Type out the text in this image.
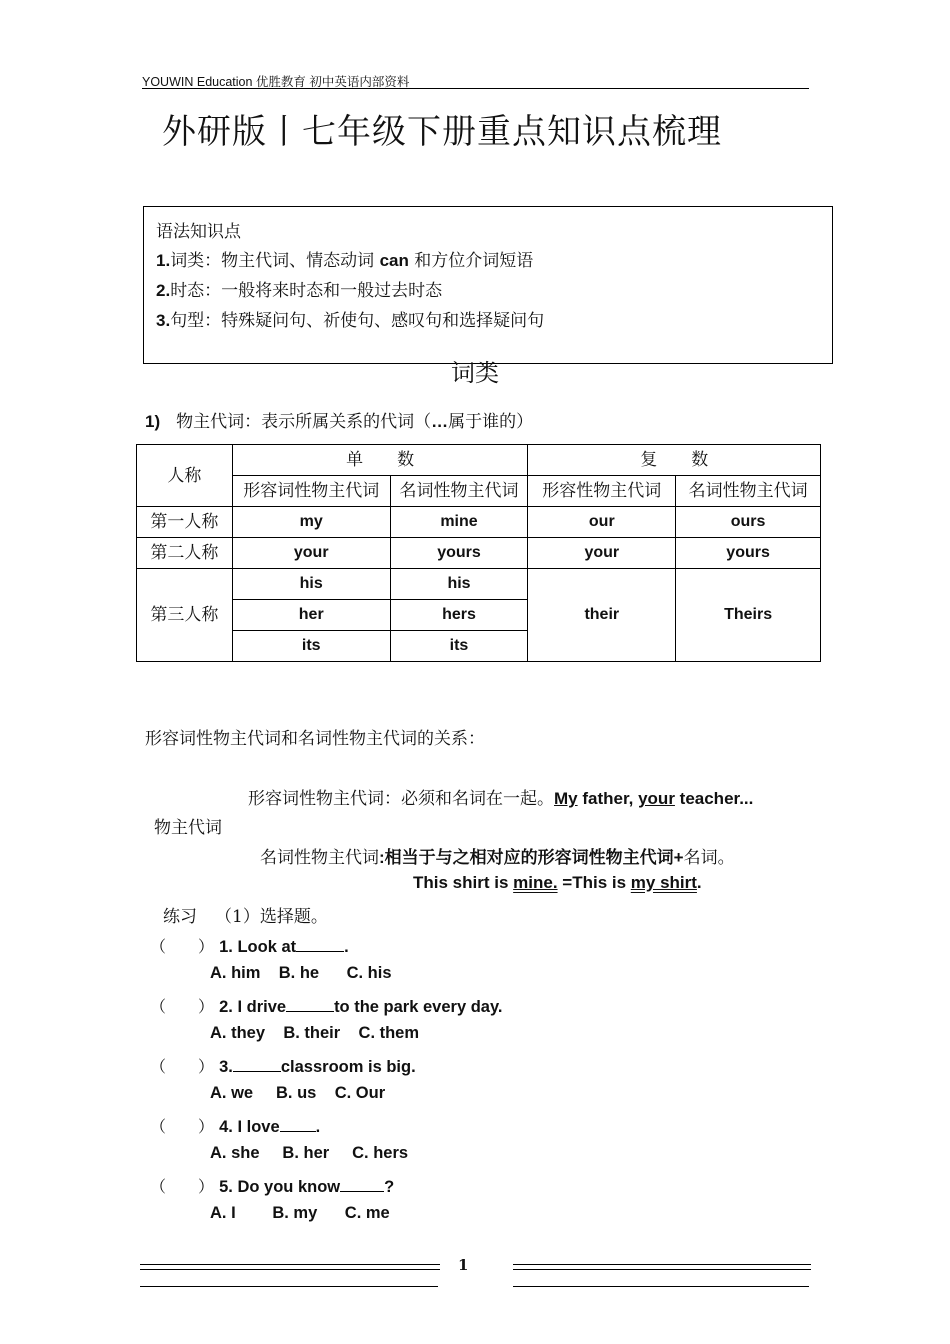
YOUWIN Education 优胜教育 初中英语内部资料
外研版丨七年级下册重点知识点梳理
语法知识点
1.词类：物主代词、情态动词 can 和方位介词短语
2.时态：一般将来时态和一般过去时态
3.句型：特殊疑问句、祈使句、感叹句和选择疑问句
词类
1) 物主代词：表示所属关系的代词（…属于谁的）
人称	单　　数		复　　数	
	形容词性物主代词	名词性物主代词	形容性物主代词	名词性物主代词
第一人称	my	mine	our	ours
第二人称	your	yours	your	yours
第三人称	his	his	their	Theirs
	her	hers		
	its	its		
形容词性物主代词和名词性物主代词的关系：
形容词性物主代词：必须和名词在一起。My father, your teacher...
物主代词
名词性物主代词:相当于与之相对应的形容词性物主代词+名词。
This shirt is mine. =This is my shirt.
练习 （1）选择题。
（　　） 1. Look at	.
A. him    B. he      C. his
（　　） 2. I drive	to the park every day.
A. they    B. their    C. them
（　　） 3.	classroom is big.
A. we     B. us    C. Our
（　　） 4. I love .
A. she     B. her     C. hers
（　　） 5. Do you know	?
A. I        B. my      C. me
1
